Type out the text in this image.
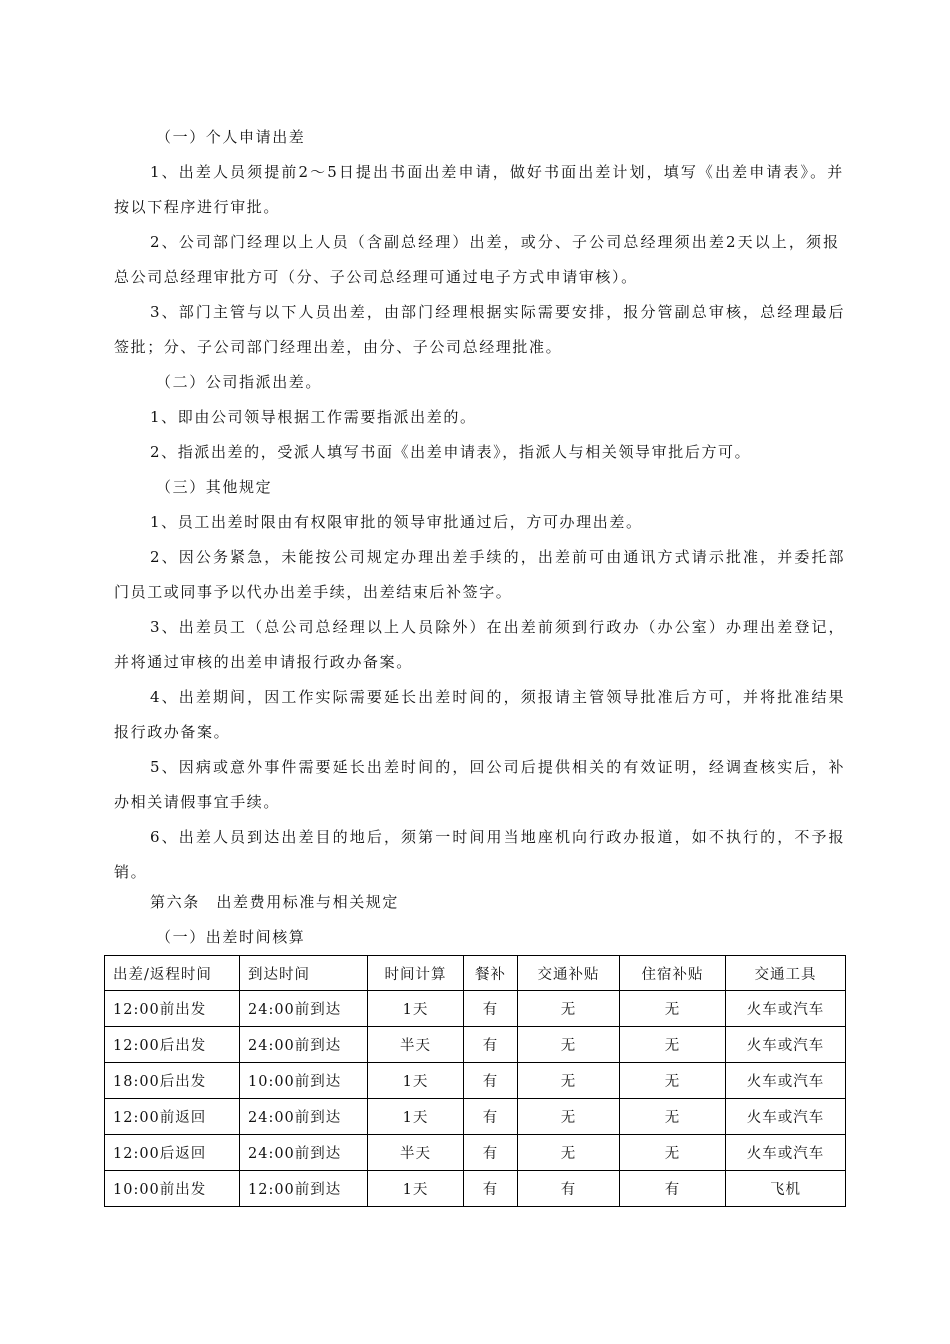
（一）个人申请出差
1、出差人员须提前2～5日提出书面出差申请，做好书面出差计划，填写《出差申请表》。并
按以下程序进行审批。
2、公司部门经理以上人员（含副总经理）出差，或分、子公司总经理须出差2天以上，须报
总公司总经理审批方可（分、子公司总经理可通过电子方式申请审核）。
3、部门主管与以下人员出差，由部门经理根据实际需要安排，报分管副总审核，总经理最后
签批；分、子公司部门经理出差，由分、子公司总经理批准。
（二）公司指派出差。
1、即由公司领导根据工作需要指派出差的。
2、指派出差的，受派人填写书面《出差申请表》，指派人与相关领导审批后方可。
（三）其他规定
1、员工出差时限由有权限审批的领导审批通过后，方可办理出差。
2、因公务紧急，未能按公司规定办理出差手续的，出差前可由通讯方式请示批准，并委托部
门员工或同事予以代办出差手续，出差结束后补签字。
3、出差员工（总公司总经理以上人员除外）在出差前须到行政办（办公室）办理出差登记，
并将通过审核的出差申请报行政办备案。
4、出差期间，因工作实际需要延长出差时间的，须报请主管领导批准后方可，并将批准结果
报行政办备案。
5、因病或意外事件需要延长出差时间的，回公司后提供相关的有效证明，经调查核实后，补
办相关请假事宜手续。
6、出差人员到达出差目的地后，须第一时间用当地座机向行政办报道，如不执行的，不予报
销。
第六条　出差费用标准与相关规定
（一）出差时间核算
出差/返程时间	到达时间	时间计算	餐补	交通补贴	住宿补贴	交通工具
12:00前出发	24:00前到达	1天	有	无	无	火车或汽车
12:00后出发	24:00前到达	半天	有	无	无	火车或汽车
18:00后出发	10:00前到达	1天	有	无	无	火车或汽车
12:00前返回	24:00前到达	1天	有	无	无	火车或汽车
12:00后返回	24:00前到达	半天	有	无	无	火车或汽车
10:00前出发	12:00前到达	1天	有	有	有	飞机
